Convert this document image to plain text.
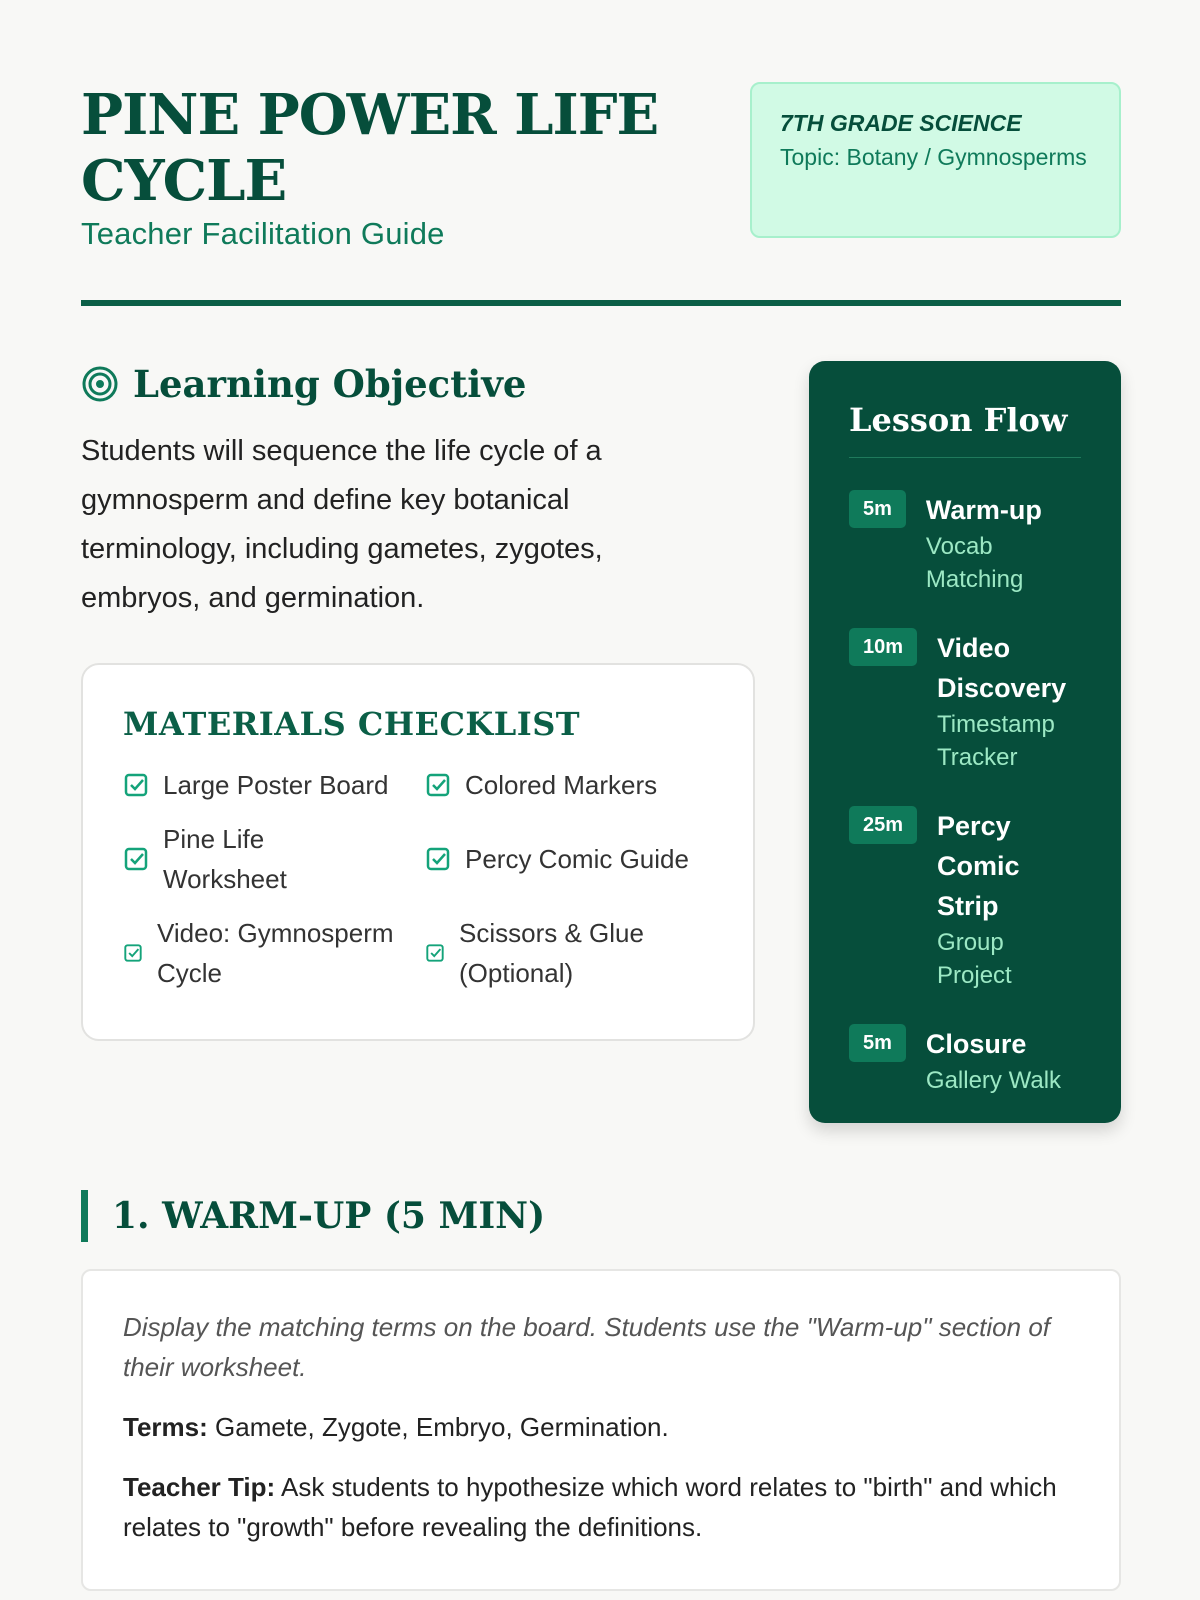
PINE POWER LIFE CYCLE
Teacher Facilitation Guide
7TH GRADE SCIENCE
Topic: Botany / Gymnosperms
Learning Objective
Students will sequence the life cycle of a gymnosperm and define key botanical terminology, including gametes, zygotes, embryos, and germination.
MATERIALS CHECKLIST
Large Poster Board	Colored Markers
Pine Life Worksheet
Percy Comic Guide
Video: Gymnosperm Cycle
Scissors & Glue (Optional)
Lesson Flow
5m	Warm-up
Vocab Matching
10m	Video Discovery
Timestamp Tracker
25m	Percy Comic Strip
Group Project
5m	Closure
Gallery Walk
1. WARM-UP (5 MIN)
Display the matching terms on the board. Students use the "Warm-up" section of their worksheet.
Terms: Gamete, Zygote, Embryo, Germination.
Teacher Tip: Ask students to hypothesize which word relates to "birth" and which relates to "growth" before revealing the definitions.
